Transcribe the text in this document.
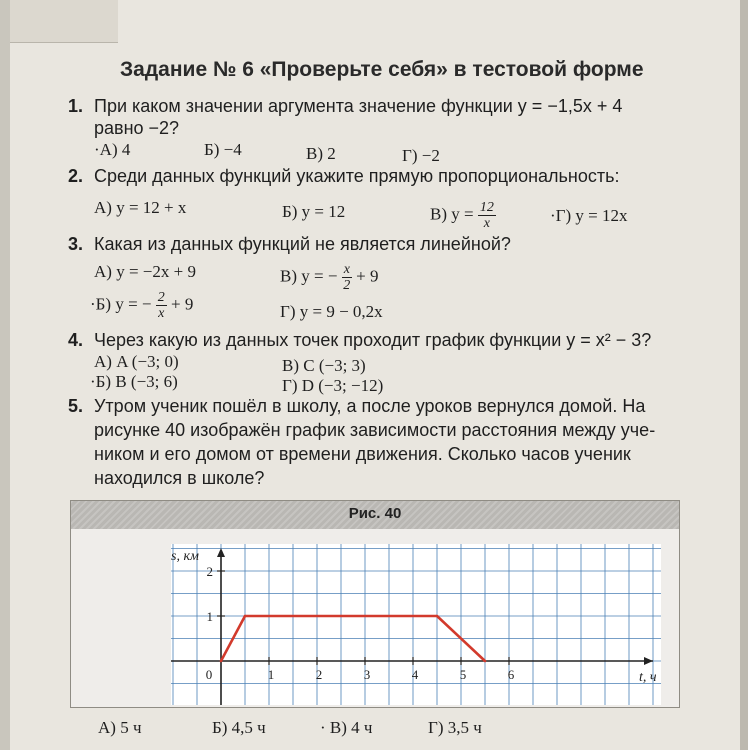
Задание № 6 «Проверьте себя» в тестовой форме
1. При каком значении аргумента значение функции y = −1,5x + 4
равно −2?
·А) 4	Б) −4	В) 2	Г) −2
2. Среди данных функций укажите прямую пропорциональность:
А) y = 12 + x	Б) y = 12	В) $y = \frac{12}{x}$	·Г) y = 12x
3. Какая из данных функций не является линейной?
А) y = −2x + 9	В) y = − $\frac{x}{2} + 9$
·Б) y = − $\frac{2}{x} + 9$	Г) y = 9 − 0,2x
4. Через какую из данных точек проходит график функции y = x² − 3?
А) A (−3; 0)	В) C (−3; 3)
·Б) B (−3; 6)	Г) D (−3; −12)
5. Утром ученик пошёл в школу, а после уроков вернулся домой. На
рисунке 40 изображён график зависимости расстояния между уче-
ником и его домом от времени движения. Сколько часов ученик
находился в школе?
Рис. 40
0	1	2	3	4	5	6
1
2
s, км
t, ч
А) 5 ч	Б) 4,5 ч	· В) 4 ч	Г) 3,5 ч
